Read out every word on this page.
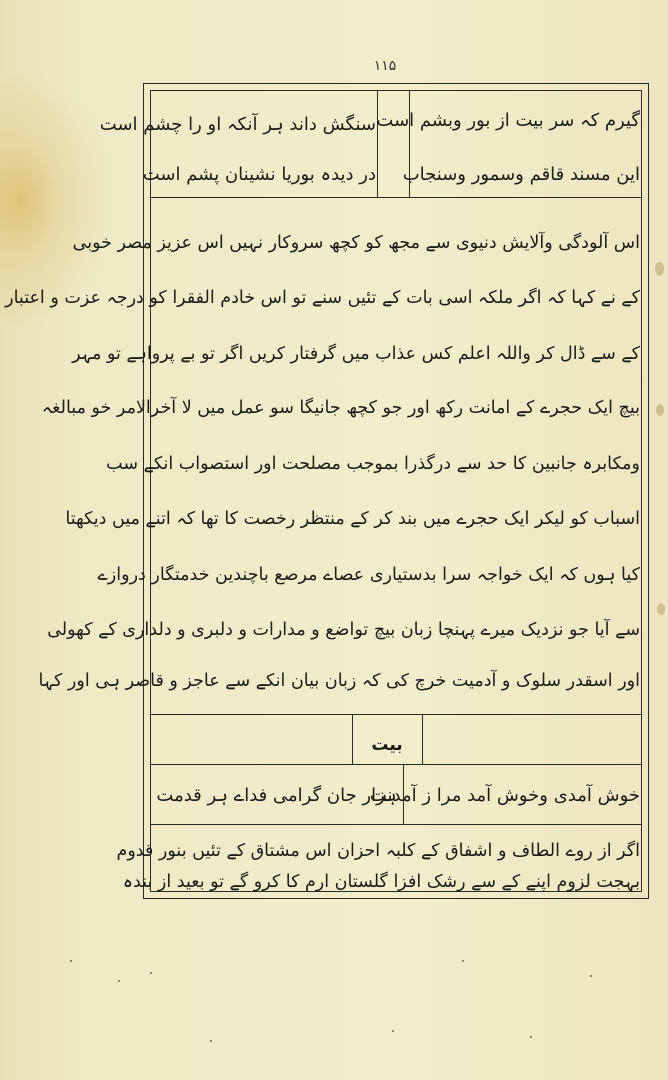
۱۱۵
گیرم کہ سر بیت از بور وبشم است
این مسند قاقم وسمور وسنجاب
سنگش داند ہر آنکہ او را چشم است
در دیدہ بوریا نشینان پشم است
اس آلودگی وآلایش دنیوی سے مجھ کو کچھ سروکار نہیں اس عزیز مصر خوبی
کے نے کہا کہ اگر ملکہ اسی بات کے تئیں سنے تو اس خادم الفقرا کو درجہ عزت و اعتبار
کے سے ڈال کر واللہ اعلم کس عذاب میں گرفتار کریں اگر تو بے پرواہے تو مہر
بیچ ایک حجرے کے امانت رکھ اور جو کچھ جانیگا سو عمل میں لا آخرالامر خو مبالغہ
ومکابرہ جانبین کا حد سے درگذرا بموجب مصلحت اور استصواب انکے سب
اسباب کو لیکر ایک حجرے میں بند کر کے منتظر رخصت کا تھا کہ اتنے میں دیکھتا
کیا ہوں کہ ایک خواجہ سرا بدستیاری عصاے مرصع باچندین خدمتگار دروازے
سے آیا جو نزدیک میرے پہنچا زبان بیچ تواضع و مدارات و دلبری و دلداری کے کھولی
اور اسقدر سلوک و آدمیت خرچ کی کہ زبان بیان انکے سے عاجز و قاصر ہی اور کہا
بیت
خوش آمدی وخوش آمد مرا ز آمدنت
ہزار جان گرامی فداے ہر قدمت
اگر از روے الطاف و اشفاق کے کلبہ احزان اس مشتاق کے تئیں بنور قدوم
بہجت لزوم اپنے کے سے رشک افزا گلستان ارم کا کرو گے تو بعید از بندہ
